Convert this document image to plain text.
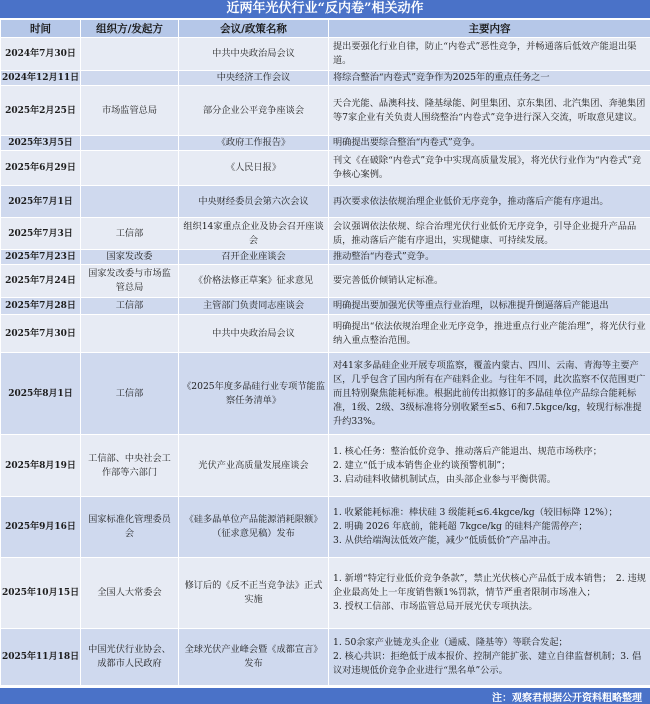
近两年光伏行业“反内卷”相关动作
时间	组织方/发起方	会议/政策名称	主要内容
2024年7月30日		中共中央政治局会议	提出要强化行业自律，防止“内卷式”恶性竞争，并畅通落后低效产能退出渠道。

2024年12月11日		中央经济工作会议	将综合整治“内卷式”竞争作为2025年的重点任务之一

2025年2月25日	市场监管总局	部分企业公平竞争座谈会	天合光能、晶澳科技、隆基绿能、阿里集团、京东集团、北汽集团、奔驰集团等7家企业有关负责人围绕整治“内卷式”竞争进行深入交流，听取意见建议。

2025年3月5日		《政府工作报告》	明确提出要综合整治“内卷式”竞争。

2025年6月29日		《人民日报》	刊文《在破除“内卷式”竞争中实现高质量发展》，将光伏行业作为“内卷式”竞争核心案例。

2025年7月1日		中央财经委员会第六次会议	再次要求依法依规治理企业低价无序竞争，推动落后产能有序退出。

2025年7月3日	工信部	组织14家重点企业及协会召开座谈会	会议强调依法依规、综合治理光伏行业低价无序竞争，引导企业提升产品品质，推动落后产能有序退出，实现健康、可持续发展。

2025年7月23日	国家发改委	召开企业座谈会	推动整治“内卷式”竞争。

2025年7月24日	国家发改委与市场监管总局	《价格法修正草案》征求意见	要完善低价倾销认定标准。

2025年7月28日	工信部	主管部门负责同志座谈会	明确提出要加强光伏等重点行业治理，以标准提升倒逼落后产能退出

2025年7月30日		中共中央政治局会议	明确提出“依法依规治理企业无序竞争，推进重点行业产能治理”，将光伏行业纳入重点整治范围。

2025年8月1日	工信部	《2025年度多晶硅行业专项节能监察任务清单》	对41家多晶硅企业开展专项监察，覆盖内蒙古、四川、云南、青海等主要产区，几乎包含了国内所有在产硅料企业。与往年不同，此次监察不仅范围更广而且特别聚焦能耗标准。根据此前传出拟修订的多晶硅单位产品综合能耗标准，1级、2级、3级标准将分别收紧至≤5、6和7.5kgce/kg，较现行标准提升约33%。

2025年8月19日	工信部、中央社会工作部等六部门	光伏产业高质量发展座谈会	1. 核心任务：整治低价竞争、推动落后产能退出、规范市场秩序；
2. 建立“低于成本销售企业约谈预警机制”；
3. 启动硅料收储机制试点，由头部企业参与平衡供需。

2025年9月16日	国家标准化管理委员会	《硅多晶单位产品能源消耗限额》（征求意见稿）发布	1. 收紧能耗标准：棒状硅 3 级能耗≤6.4kgce/kg（较旧标降 12%）；
2. 明确 2026 年底前，能耗超 7kgce/kg 的硅料产能需停产；
3. 从供给端淘汰低效产能，减少“低质低价”产品冲击。

2025年10月15日	全国人大常委会	修订后的《反不正当竞争法》正式实施	1. 新增“特定行业低价竞争条款”，禁止光伏核心产品低于成本销售；　2. 违规企业最高处上一年度销售额1%罚款，情节严重者限制市场准入；
3. 授权工信部、市场监管总局开展光伏专项执法。

2025年11月18日	中国光伏行业协会、成都市人民政府	全球光伏产业峰会暨《成都宣言》发布	1. 50余家产业链龙头企业（通威、隆基等）等联合发起；
2. 核心共识：拒绝低于成本报价、控制产能扩张、建立自律监督机制；3. 倡议对违规低价竞争企业进行“黑名单”公示。
注：观察君根据公开资料粗略整理
